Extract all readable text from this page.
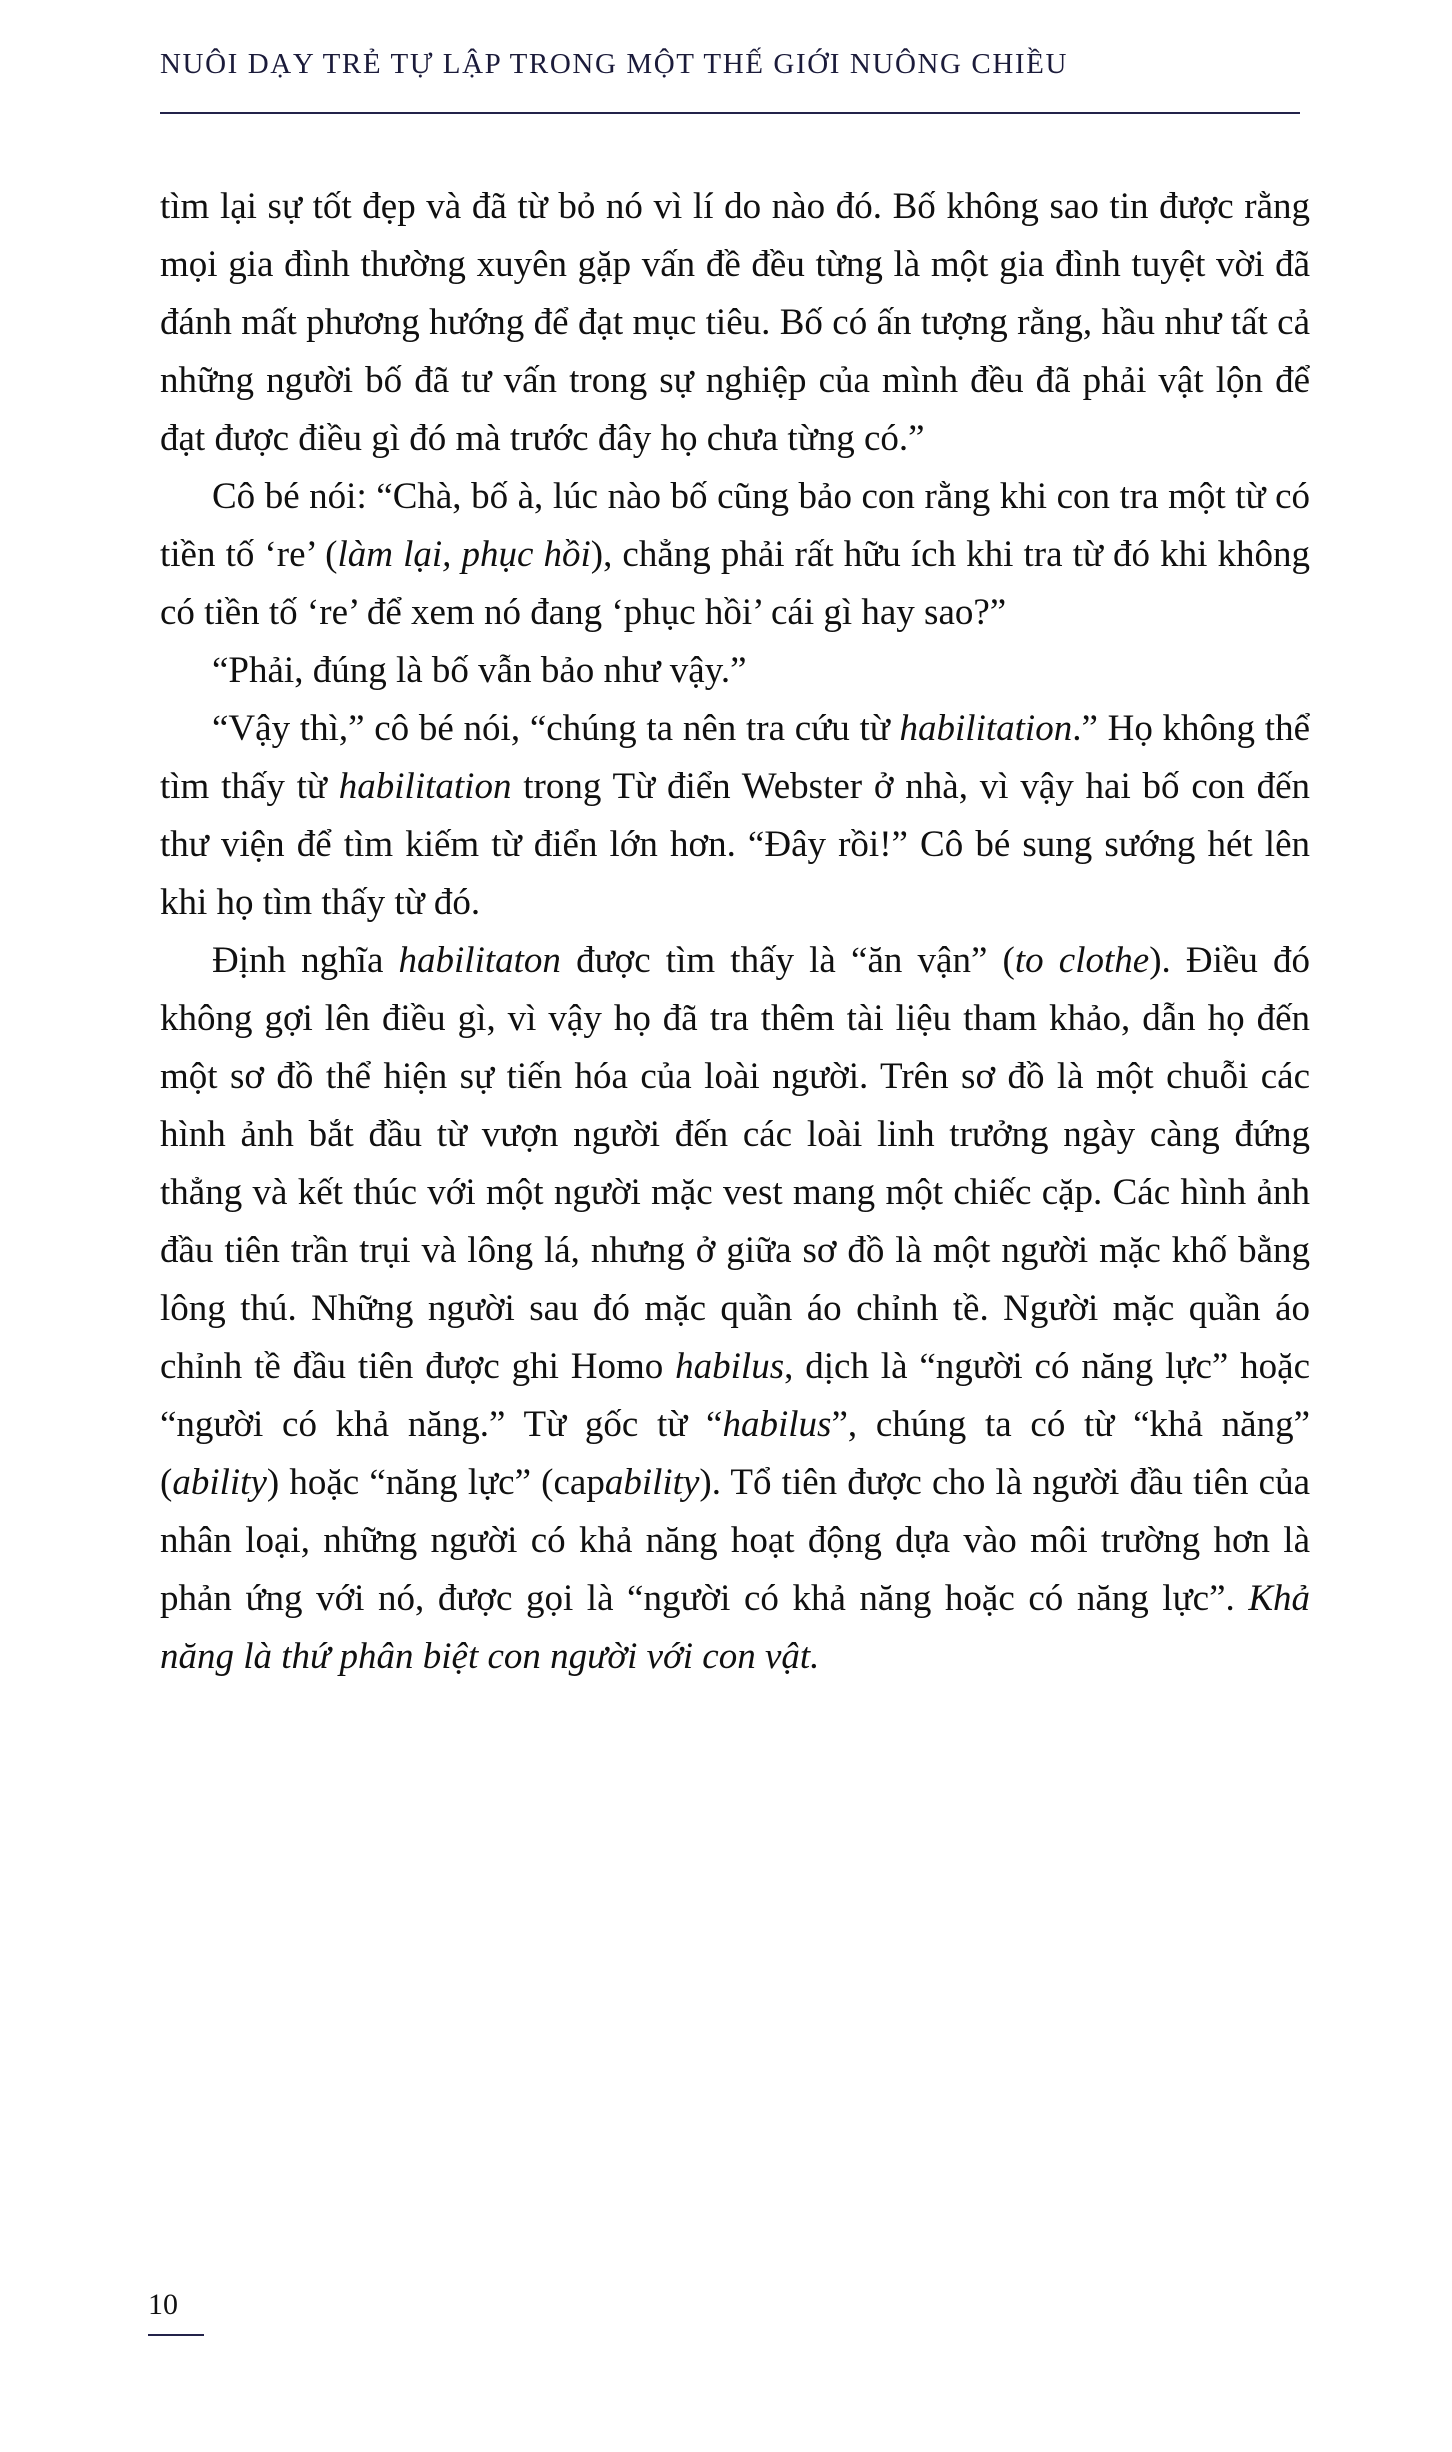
NUÔI DẠY TRẺ TỰ LẬP TRONG MỘT THẾ GIỚI NUÔNG CHIỀU

tìm lại sự tốt đẹp và đã từ bỏ nó vì lí do nào đó. Bố không sao tin được rằng mọi gia đình thường xuyên gặp vấn đề đều từng là một gia đình tuyệt vời đã đánh mất phương hướng để đạt mục tiêu. Bố có ấn tượng rằng, hầu như tất cả những người bố đã tư vấn trong sự nghiệp của mình đều đã phải vật lộn để đạt được điều gì đó mà trước đây họ chưa từng có.”

Cô bé nói: “Chà, bố à, lúc nào bố cũng bảo con rằng khi con tra một từ có tiền tố ‘re’ (làm lại, phục hồi), chẳng phải rất hữu ích khi tra từ đó khi không có tiền tố ‘re’ để xem nó đang ‘phục hồi’ cái gì hay sao?”

“Phải, đúng là bố vẫn bảo như vậy.”

“Vậy thì,” cô bé nói, “chúng ta nên tra cứu từ habilitation.” Họ không thể tìm thấy từ habilitation trong Từ điển Webster ở nhà, vì vậy hai bố con đến thư viện để tìm kiếm từ điển lớn hơn. “Đây rồi!” Cô bé sung sướng hét lên khi họ tìm thấy từ đó.

Định nghĩa habilitaton được tìm thấy là “ăn vận” (to clothe). Điều đó không gợi lên điều gì, vì vậy họ đã tra thêm tài liệu tham khảo, dẫn họ đến một sơ đồ thể hiện sự tiến hóa của loài người. Trên sơ đồ là một chuỗi các hình ảnh bắt đầu từ vượn người đến các loài linh trưởng ngày càng đứng thẳng và kết thúc với một người mặc vest mang một chiếc cặp. Các hình ảnh đầu tiên trần trụi và lông lá, nhưng ở giữa sơ đồ là một người mặc khố bằng lông thú. Những người sau đó mặc quần áo chỉnh tề. Người mặc quần áo chỉnh tề đầu tiên được ghi Homo habilus, dịch là “người có năng lực” hoặc “người có khả năng.” Từ gốc từ “habilus”, chúng ta có từ “khả năng” (ability) hoặc “năng lực” (capability). Tổ tiên được cho là người đầu tiên của nhân loại, những người có khả năng hoạt động dựa vào môi trường hơn là phản ứng với nó, được gọi là “người có khả năng hoặc có năng lực”. Khả năng là thứ phân biệt con người với con vật.

10
